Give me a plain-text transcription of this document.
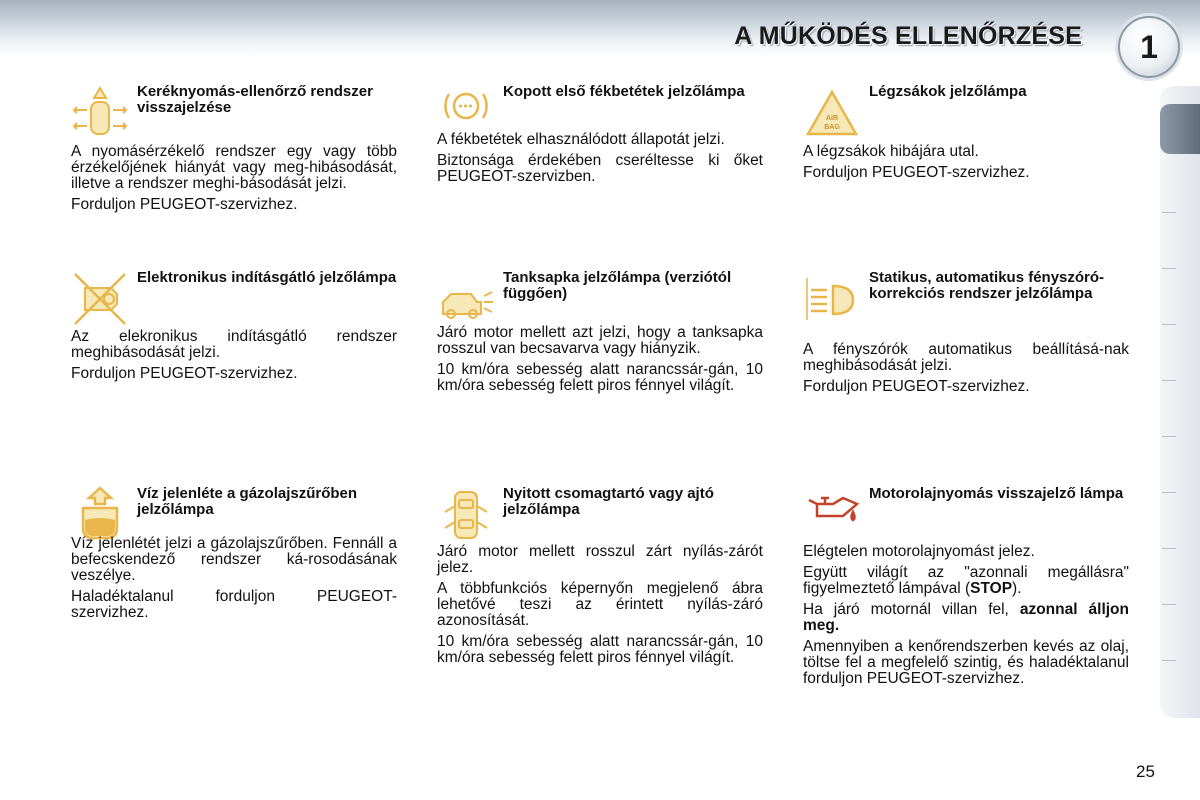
A MŰKÖDÉS ELLENŐRZÉSE	1
Keréknyomás-ellenőrző rendszer visszajelzése

A nyomásérzékelő rendszer egy vagy több érzékelőjének hiányát vagy meg-hibásodását, illetve a rendszer meghi-básodását jelzi.

Forduljon PEUGEOT-szervizhez.

Kopott első fékbetétek jelzőlámpa

A fékbetétek elhasználódott állapotát jelzi.

Biztonsága érdekében cseréltesse ki őket PEUGEOT-szervizben.

AIR
BAG
Légzsákok jelzőlámpa

A légzsákok hibájára utal.

Forduljon PEUGEOT-szervizhez.

Elektronikus indításgátló jelzőlámpa

Az elekronikus indításgátló rendszer meghibásodását jelzi.

Forduljon PEUGEOT-szervizhez.

Tanksapka jelzőlámpa (verziótól függően)

Járó motor mellett azt jelzi, hogy a tanksapka rosszul van becsavarva vagy hiányzik.

10 km/óra sebesség alatt narancssár-gán, 10 km/óra sebesség felett piros fénnyel világít.

Statikus, automatikus fényszóró-korrekciós rendszer jelzőlámpa

A fényszórók automatikus beállításá-nak meghibásodását jelzi.

Forduljon PEUGEOT-szervizhez.

Víz jelenléte a gázolajszűrőben jelzőlámpa

Víz jelenlétét jelzi a gázolajszűrőben. Fennáll a befecskendező rendszer ká-rosodásának veszélye.

Haladéktalanul forduljon PEUGEOT-szervizhez.

Nyitott csomagtartó vagy ajtó jelzőlámpa

Járó motor mellett rosszul zárt nyílás-zárót jelez.

A többfunkciós képernyőn megjelenő ábra lehetővé teszi az érintett nyílás-záró azonosítását.

10 km/óra sebesség alatt narancssár-gán, 10 km/óra sebesség felett piros fénnyel világít.

Motorolajnyomás visszajelző lámpa

Elégtelen motorolajnyomást jelez.

Együtt világít az "azonnali megállásra" figyelmeztető lámpával (STOP).

Ha járó motornál villan fel, azonnal álljon meg.

Amennyiben a kenőrendszerben kevés az olaj, töltse fel a megfelelő szintig, és haladéktalanul forduljon PEUGEOT-szervizhez.

25
